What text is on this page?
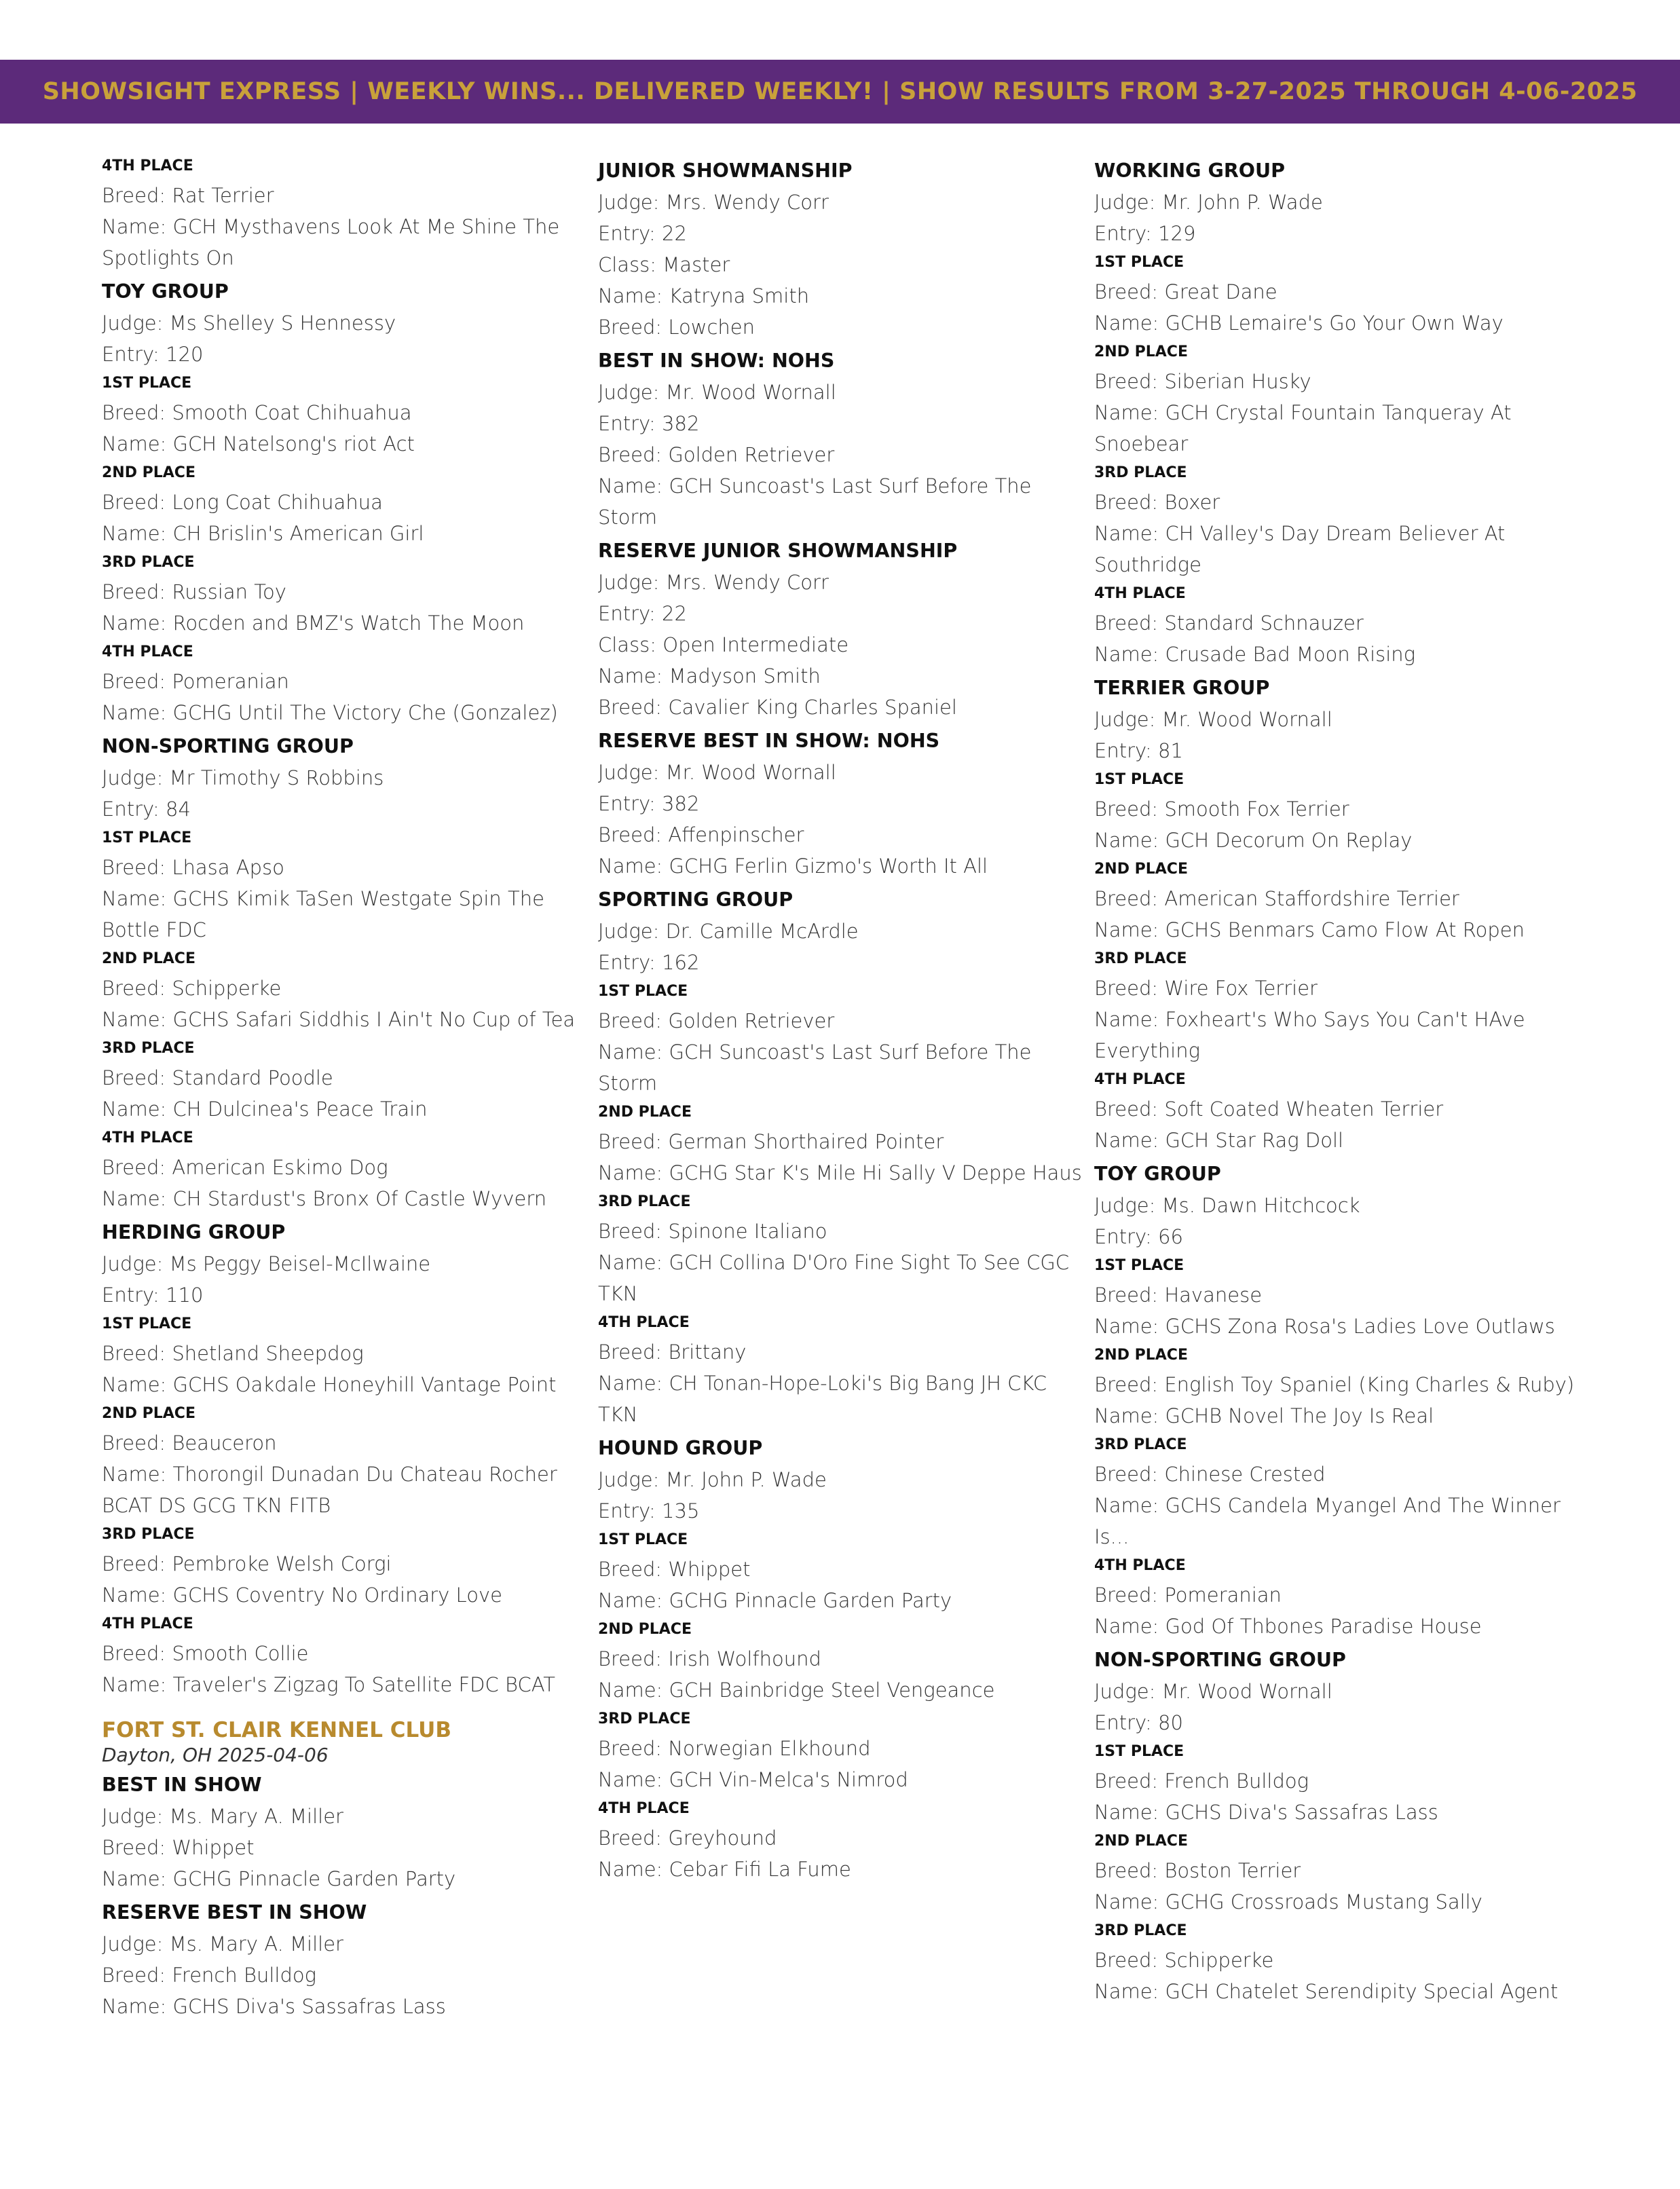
SHOWSIGHT EXPRESS | WEEKLY WINS... DELIVERED WEEKLY! | SHOW RESULTS FROM 3-27-2025 THROUGH 4-06-2025
4TH PLACE
Breed: Rat Terrier
Name: GCH Mysthavens Look At Me Shine The Spotlights On
TOY GROUP
Judge: Ms Shelley S Hennessy
Entry: 120
1ST PLACE
Breed: Smooth Coat Chihuahua
Name: GCH Natelsong's riot Act
2ND PLACE
Breed: Long Coat Chihuahua
Name: CH Brislin's American Girl
3RD PLACE
Breed: Russian Toy
Name: Rocden and BMZ's Watch The Moon
4TH PLACE
Breed: Pomeranian
Name: GCHG Until The Victory Che (Gonzalez)
NON-SPORTING GROUP
Judge: Mr Timothy S Robbins
Entry: 84
1ST PLACE
Breed: Lhasa Apso
Name: GCHS Kimik TaSen Westgate Spin The Bottle FDC
2ND PLACE
Breed: Schipperke
Name: GCHS Safari Siddhis I Ain't No Cup of Tea
3RD PLACE
Breed: Standard Poodle
Name: CH Dulcinea's Peace Train
4TH PLACE
Breed: American Eskimo Dog
Name: CH Stardust's Bronx Of Castle Wyvern
HERDING GROUP
Judge: Ms Peggy Beisel-McIlwaine
Entry: 110
1ST PLACE
Breed: Shetland Sheepdog
Name: GCHS Oakdale Honeyhill Vantage Point
2ND PLACE
Breed: Beauceron
Name: Thorongil Dunadan Du Chateau Rocher BCAT DS GCG TKN FITB
3RD PLACE
Breed: Pembroke Welsh Corgi
Name: GCHS Coventry No Ordinary Love
4TH PLACE
Breed: Smooth Collie
Name: Traveler's Zigzag To Satellite FDC BCAT
FORT ST. CLAIR KENNEL CLUB
Dayton, OH 2025-04-06
BEST IN SHOW
Judge: Ms. Mary A. Miller
Breed: Whippet
Name: GCHG Pinnacle Garden Party
RESERVE BEST IN SHOW
Judge: Ms. Mary A. Miller
Breed: French Bulldog
Name: GCHS Diva's Sassafras Lass
JUNIOR SHOWMANSHIP
Judge: Mrs. Wendy Corr
Entry: 22
Class: Master
Name: Katryna Smith
Breed: Lowchen
BEST IN SHOW: NOHS
Judge: Mr. Wood Wornall
Entry: 382
Breed: Golden Retriever
Name: GCH Suncoast's Last Surf Before The Storm
RESERVE JUNIOR SHOWMANSHIP
Judge: Mrs. Wendy Corr
Entry: 22
Class: Open Intermediate
Name: Madyson Smith
Breed: Cavalier King Charles Spaniel
RESERVE BEST IN SHOW: NOHS
Judge: Mr. Wood Wornall
Entry: 382
Breed: Affenpinscher
Name: GCHG Ferlin Gizmo's Worth It All
SPORTING GROUP
Judge: Dr. Camille McArdle
Entry: 162
1ST PLACE
Breed: Golden Retriever
Name: GCH Suncoast's Last Surf Before The Storm
2ND PLACE
Breed: German Shorthaired Pointer
Name: GCHG Star K's Mile Hi Sally V Deppe Haus
3RD PLACE
Breed: Spinone Italiano
Name: GCH Collina D'Oro Fine Sight To See CGC TKN
4TH PLACE
Breed: Brittany
Name: CH Tonan-Hope-Loki's Big Bang JH CKC TKN
HOUND GROUP
Judge: Mr. John P. Wade
Entry: 135
1ST PLACE
Breed: Whippet
Name: GCHG Pinnacle Garden Party
2ND PLACE
Breed: Irish Wolfhound
Name: GCH Bainbridge Steel Vengeance
3RD PLACE
Breed: Norwegian Elkhound
Name: GCH Vin-Melca's Nimrod
4TH PLACE
Breed: Greyhound
Name: Cebar Fifi La Fume
WORKING GROUP
Judge: Mr. John P. Wade
Entry: 129
1ST PLACE
Breed: Great Dane
Name: GCHB Lemaire's Go Your Own Way
2ND PLACE
Breed: Siberian Husky
Name: GCH Crystal Fountain Tanqueray At Snoebear
3RD PLACE
Breed: Boxer
Name: CH Valley's Day Dream Believer At Southridge
4TH PLACE
Breed: Standard Schnauzer
Name: Crusade Bad Moon Rising
TERRIER GROUP
Judge: Mr. Wood Wornall
Entry: 81
1ST PLACE
Breed: Smooth Fox Terrier
Name: GCH Decorum On Replay
2ND PLACE
Breed: American Staffordshire Terrier
Name: GCHS Benmars Camo Flow At Ropen
3RD PLACE
Breed: Wire Fox Terrier
Name: Foxheart's Who Says You Can't HAve Everything
4TH PLACE
Breed: Soft Coated Wheaten Terrier
Name: GCH Star Rag Doll
TOY GROUP
Judge: Ms. Dawn Hitchcock
Entry: 66
1ST PLACE
Breed: Havanese
Name: GCHS Zona Rosa's Ladies Love Outlaws
2ND PLACE
Breed: English Toy Spaniel (King Charles & Ruby)
Name: GCHB Novel The Joy Is Real
3RD PLACE
Breed: Chinese Crested
Name: GCHS Candela Myangel And The Winner Is...
4TH PLACE
Breed: Pomeranian
Name: God Of Thbones Paradise House
NON-SPORTING GROUP
Judge: Mr. Wood Wornall
Entry: 80
1ST PLACE
Breed: French Bulldog
Name: GCHS Diva's Sassafras Lass
2ND PLACE
Breed: Boston Terrier
Name: GCHG Crossroads Mustang Sally
3RD PLACE
Breed: Schipperke
Name: GCH Chatelet Serendipity Special Agent
